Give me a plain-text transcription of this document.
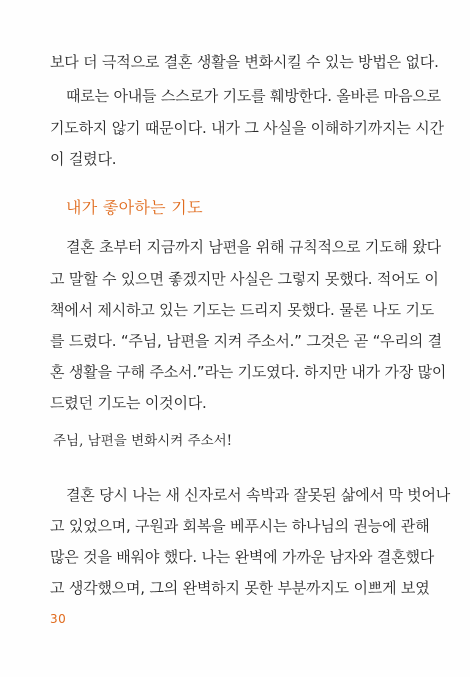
보다 더 극적으로 결혼 생활을 변화시킬 수 있는 방법은 없다.
때로는 아내들 스스로가 기도를 훼방한다. 올바른 마음으로
기도하지 않기 때문이다. 내가 그 사실을 이해하기까지는 시간
이 걸렸다.
내가 좋아하는 기도
결혼 초부터 지금까지 남편을 위해 규칙적으로 기도해 왔다
고 말할 수 있으면 좋겠지만 사실은 그렇지 못했다. 적어도 이
책에서 제시하고 있는 기도는 드리지 못했다. 물론 나도 기도
를 드렸다. “주님, 남편을 지켜 주소서.” 그것은 곧 “우리의 결
혼 생활을 구해 주소서.”라는 기도였다. 하지만 내가 가장 많이
드렸던 기도는 이것이다.
주님, 남편을 변화시켜 주소서!
결혼 당시 나는 새 신자로서 속박과 잘못된 삶에서 막 벗어나
고 있었으며, 구원과 회복을 베푸시는 하나님의 권능에 관해
많은 것을 배워야 했다. 나는 완벽에 가까운 남자와 결혼했다
고 생각했으며, 그의 완벽하지 못한 부분까지도 이쁘게 보였
30
